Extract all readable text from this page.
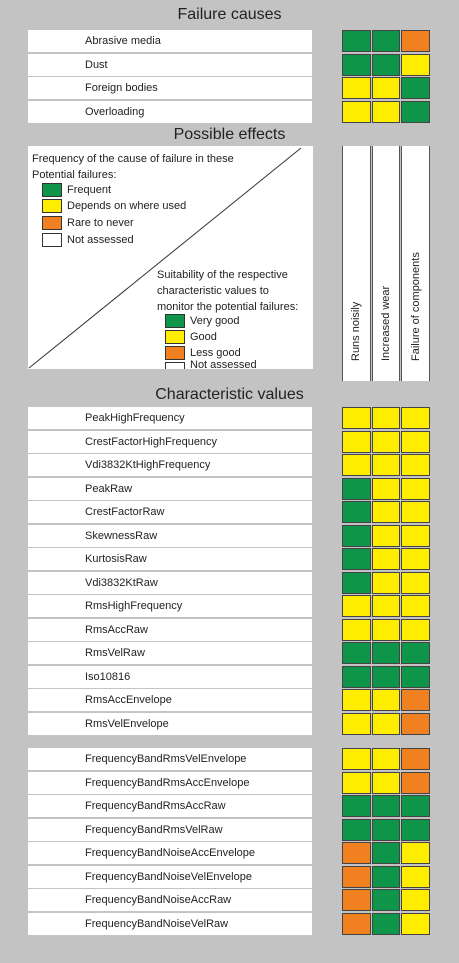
Failure causes
Abrasive media
Dust
Foreign bodies
Overloading
Possible effects
Frequency of the cause of failure in these Potential failures:
Frequent
Depends on where used
Rare to never
Not assessed
Suitability of the respective characteristic values to monitor the potential failures:
Very good
Good
Less good
Not assessed
Runs noisily Increased wear Failure of components
Characteristic values
PeakHighFrequency
CrestFactorHighFrequency
Vdi3832KtHighFrequency
PeakRaw
CrestFactorRaw
SkewnessRaw
KurtosisRaw
Vdi3832KtRaw
RmsHighFrequency
RmsAccRaw
RmsVelRaw
Iso10816
RmsAccEnvelope
RmsVelEnvelope
FrequencyBandRmsVelEnvelope
FrequencyBandRmsAccEnvelope
FrequencyBandRmsAccRaw
FrequencyBandRmsVelRaw
FrequencyBandNoiseAccEnvelope
FrequencyBandNoiseVelEnvelope
FrequencyBandNoiseAccRaw
FrequencyBandNoiseVelRaw
